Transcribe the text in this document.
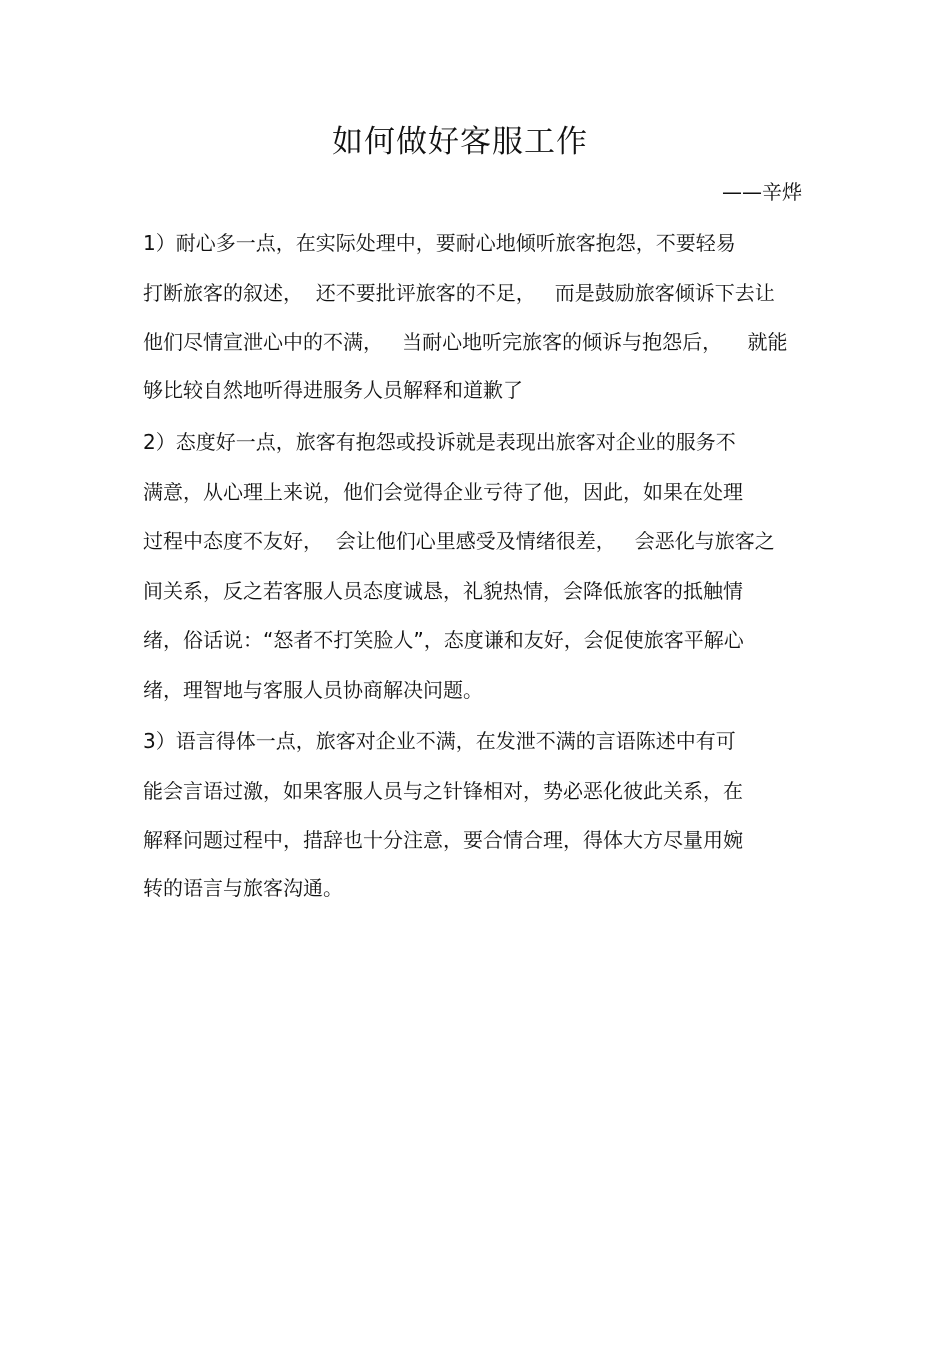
如何做好客服工作
——辛烨
1）耐心多一点，在实际处理中，要耐心地倾听旅客抱怨，不要轻易
打断旅客的叙述，  还不要批评旅客的不足，   而是鼓励旅客倾诉下去让
他们尽情宣泄心中的不满，   当耐心地听完旅客的倾诉与抱怨后，    就能
够比较自然地听得进服务人员解释和道歉了
2）态度好一点，旅客有抱怨或投诉就是表现出旅客对企业的服务不
满意，从心理上来说，他们会觉得企业亏待了他，因此，如果在处理
过程中态度不友好，  会让他们心里感受及情绪很差，   会恶化与旅客之
间关系，反之若客服人员态度诚恳，礼貌热情，会降低旅客的抵触情
绪，俗话说：“怒者不打笑脸人”，态度谦和友好，会促使旅客平解心
绪，理智地与客服人员协商解决问题。
3）语言得体一点，旅客对企业不满，在发泄不满的言语陈述中有可
能会言语过激，如果客服人员与之针锋相对，势必恶化彼此关系，在
解释问题过程中，措辞也十分注意，要合情合理，得体大方尽量用婉
转的语言与旅客沟通。
